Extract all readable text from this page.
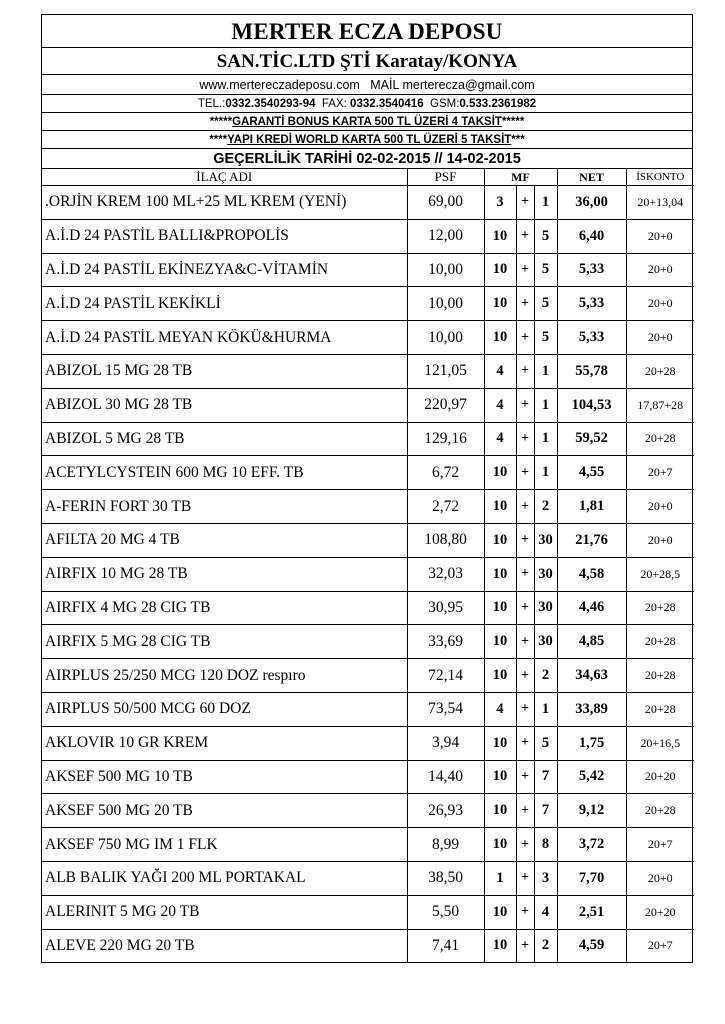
MERTER ECZA DEPOSU
SAN.TİC.LTD ŞTİ Karatay/KONYA
www.mertereczadeposu.com MAİL mertereczа@gmail.com
TEL.:0332.3540293-94 FAX: 0332.3540416 GSM:0.533.2361982
*****GARANTİ BONUS KARTA 500 TL ÜZERİ 4 TAKSİT*****
****YAPI KREDİ WORLD KARTA 500 TL ÜZERİ 5 TAKSİT***
GEÇERLİLİK TARİHİ 02-02-2015 // 14-02-2015
İLAÇ ADI	PSF	MF			NET	İSKONTO
.ORJİN KREM 100 ML+25 ML KREM (YENİ)	69,00	3	+	1	36,00	20+13,04
A.İ.D 24 PASTİL BALLI&PROPOLİS	12,00	10	+	5	6,40	20+0
A.İ.D 24 PASTİL EKİNEZYA&C-VİTAMİN	10,00	10	+	5	5,33	20+0
A.İ.D 24 PASTİL KEKİKLİ	10,00	10	+	5	5,33	20+0
A.İ.D 24 PASTİL MEYAN KÖKÜ&HURMA	10,00	10	+	5	5,33	20+0
ABIZOL 15 MG 28 TB	121,05	4	+	1	55,78	20+28
ABIZOL 30 MG 28 TB	220,97	4	+	1	104,53	17,87+28
ABIZOL 5 MG 28 TB	129,16	4	+	1	59,52	20+28
ACETYLCYSTEIN 600 MG 10 EFF. TB	6,72	10	+	1	4,55	20+7
A-FERIN FORT 30 TB	2,72	10	+	2	1,81	20+0
AFILTA 20 MG 4 TB	108,80	10	+	30	21,76	20+0
AIRFIX 10 MG 28 TB	32,03	10	+	30	4,58	20+28,5
AIRFIX 4 MG 28 CIG TB	30,95	10	+	30	4,46	20+28
AIRFIX 5 MG 28 CIG TB	33,69	10	+	30	4,85	20+28
AIRPLUS 25/250 MCG 120 DOZ respıro	72,14	10	+	2	34,63	20+28
AIRPLUS 50/500 MCG 60 DOZ	73,54	4	+	1	33,89	20+28
AKLOVIR 10 GR KREM	3,94	10	+	5	1,75	20+16,5
AKSEF 500 MG 10 TB	14,40	10	+	7	5,42	20+20
AKSEF 500 MG 20 TB	26,93	10	+	7	9,12	20+28
AKSEF 750 MG IM 1 FLK	8,99	10	+	8	3,72	20+7
ALB BALIK YAĞI 200 ML PORTAKAL	38,50	1	+	3	7,70	20+0
ALERINIT 5 MG 20 TB	5,50	10	+	4	2,51	20+20
ALEVE 220 MG 20 TB	7,41	10	+	2	4,59	20+7
